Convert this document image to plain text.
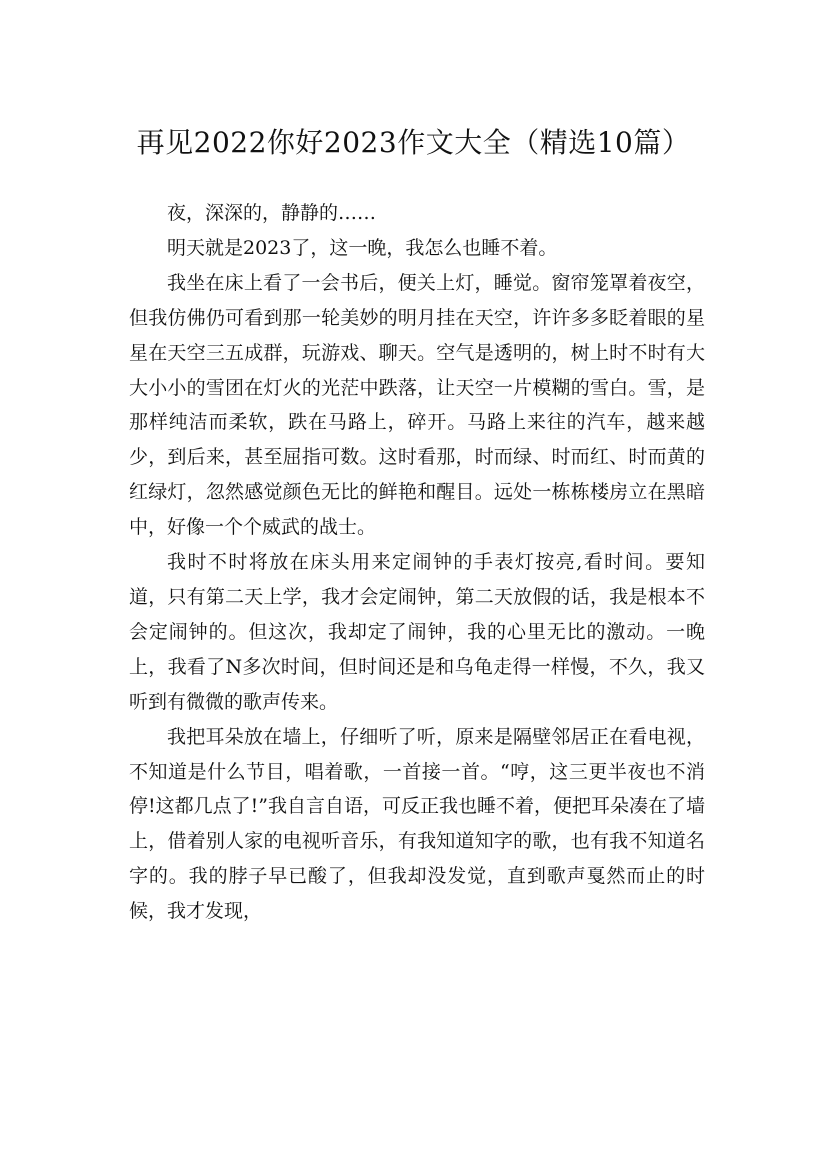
再见2022你好2023作文大全（精选10篇）

夜，深深的，静静的……

明天就是2023了，这一晚，我怎么也睡不着。

我坐在床上看了一会书后，便关上灯，睡觉。窗帘笼罩着夜空，但我仿佛仍可看到那一轮美妙的明月挂在天空，许许多多眨着眼的星星在天空三五成群，玩游戏、聊天。空气是透明的，树上时不时有大大小小的雪团在灯火的光茫中跌落，让天空一片模糊的雪白。雪，是那样纯洁而柔软，跌在马路上，碎开。马路上来往的汽车，越来越少，到后来，甚至屈指可数。这时看那，时而绿、时而红、时而黄的红绿灯，忽然感觉颜色无比的鲜艳和醒目。远处一栋栋楼房立在黑暗中，好像一个个威武的战士。

我时不时将放在床头用来定闹钟的手表灯按亮,看时间。要知道，只有第二天上学，我才会定闹钟，第二天放假的话，我是根本不会定闹钟的。但这次，我却定了闹钟，我的心里无比的激动。一晚上，我看了N多次时间，但时间还是和乌龟走得一样慢，不久，我又听到有微微的歌声传来。

我把耳朵放在墙上，仔细听了听，原来是隔壁邻居正在看电视，不知道是什么节目，唱着歌，一首接一首。“哼，这三更半夜也不消停!这都几点了!”我自言自语，可反正我也睡不着，便把耳朵凑在了墙上，借着别人家的电视听音乐，有我知道知字的歌，也有我不知道名字的。我的脖子早已酸了，但我却没发觉，直到歌声戛然而止的时候，我才发现，
